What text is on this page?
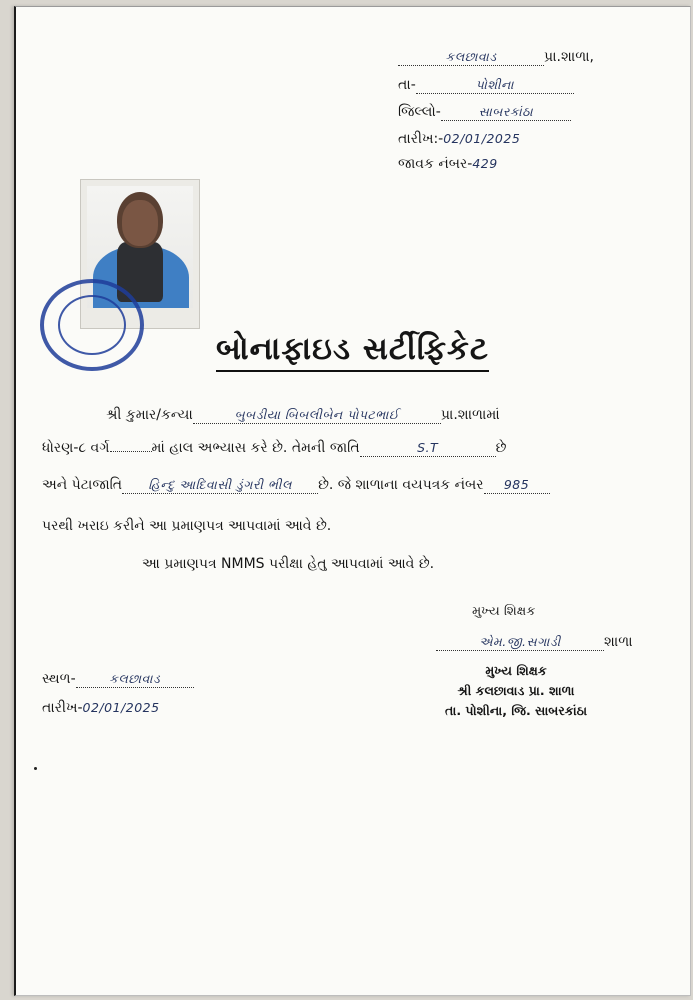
કલછાવાડ	પ્રા.શાળા,
તા-	પોશીના
જિલ્લો-	સાબરકાંઠા
તારીખ:-02/01/2025
જાવક નંબર-429
બોનાફાઇડ સર્ટીફિકેટ
શ્રી કુમાર/કન્યા	બુબડીયા બિબલીબેન પોપટભાઈ	પ્રા.શાળામાં
ધોરણ-૮ વર્ગ	માં હાલ અભ્યાસ કરે છે. તેમની જાતિ	S.T	છે
અને પેટાજાતિ હિન્દુ આદિવાસી ડુંગરી ભીલ છે. જે શાળાના વયપત્રક નંબર 985
પરથી ખરાઇ કરીને આ પ્રમાણપત્ર આપવામાં આવે છે.
આ પ્રમાણપત્ર NMMS પરીક્ષા હેતુ આપવામાં આવે છે.
મુખ્ય શિક્ષક
એમ.જી.સગાડી	શાળા
મુખ્ય શિક્ષક
શ્રી કલછાવાડ પ્રા. શાળા
તા. પોશીના, જિ. સાબરકાંઠા
સ્થળ-	કલછાવાડ
તારીખ-02/01/2025
